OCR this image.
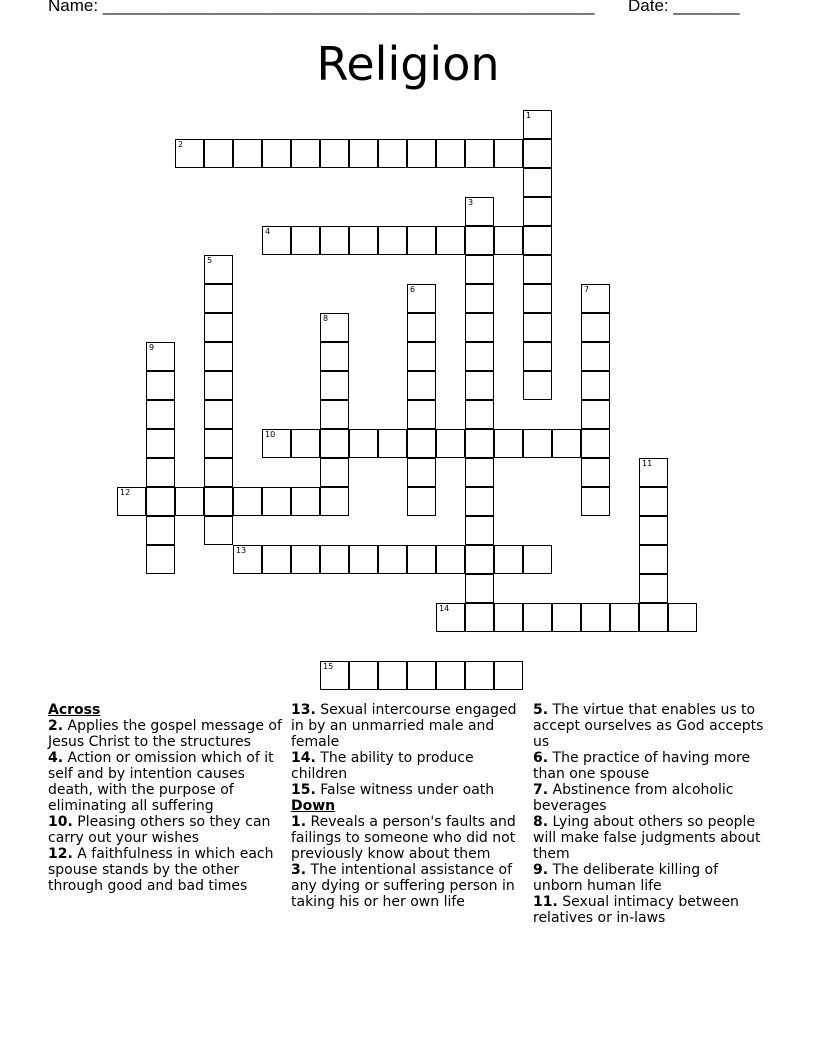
Name: ____________________________________________________ Date: _______
Religion
1
2
3
4
5
6	7
8
9
10
11
12
13
14
15
Across
2. Applies the gospel message of Jesus Christ to the structures
4. Action or omission which of it self and by intention causes death, with the purpose of eliminating all suffering
10. Pleasing others so they can carry out your wishes
12. A faithfulness in which each spouse stands by the other through good and bad times
13. Sexual intercourse engaged in by an unmarried male and female
14. The ability to produce children
15. False witness under oath
Down
1. Reveals a person's faults and failings to someone who did not previously know about them
3. The intentional assistance of any dying or suffering person in taking his or her own life
5. The virtue that enables us to accept ourselves as God accepts us
6. The practice of having more than one spouse
7. Abstinence from alcoholic beverages
8. Lying about others so people will make false judgments about them
9. The deliberate killing of unborn human life
11. Sexual intimacy between relatives or in-laws
